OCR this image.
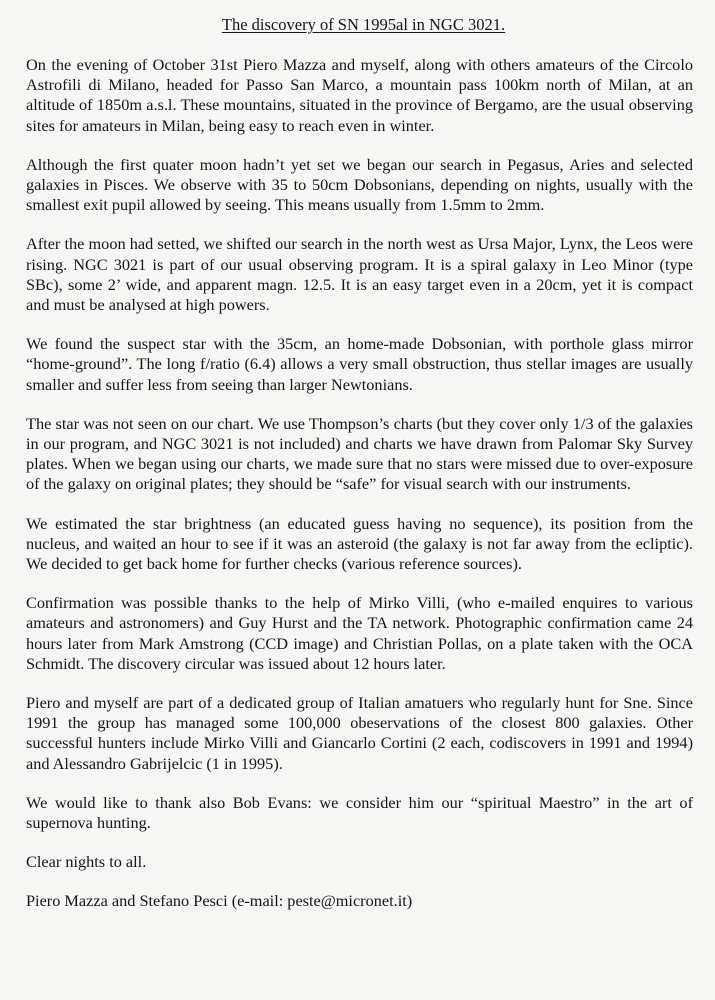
The discovery of SN 1995al in NGC 3021.

On the evening of October 31st Piero Mazza and myself, along with others amateurs of the Circolo Astrofili di Milano, headed for Passo San Marco, a mountain pass 100km north of Milan, at an altitude of 1850m a.s.l. These mountains, situated in the province of Bergamo, are the usual observing sites for amateurs in Milan, being easy to reach even in winter.

Although the first quater moon hadn’t yet set we began our search in Pegasus, Aries and selected galaxies in Pisces. We observe with 35 to 50cm Dobsonians, depending on nights, usually with the smallest exit pupil allowed by seeing. This means usually from 1.5mm to 2mm.

After the moon had setted, we shifted our search in the north west as Ursa Major, Lynx, the Leos were rising. NGC 3021 is part of our usual observing program. It is a spiral galaxy in Leo Minor (type SBc), some 2’ wide, and apparent magn. 12.5. It is an easy target even in a 20cm, yet it is compact and must be analysed at high powers.

We found the suspect star with the 35cm, an home-made Dobsonian, with porthole glass mirror “home-ground”. The long f/ratio (6.4) allows a very small obstruction, thus stellar images are usually smaller and suffer less from seeing than larger Newtonians.

The star was not seen on our chart. We use Thompson’s charts (but they cover only 1/3 of the galaxies in our program, and NGC 3021 is not included) and charts we have drawn from Palomar Sky Survey plates. When we began using our charts, we made sure that no stars were missed due to over-exposure of the galaxy on original plates; they should be “safe” for visual search with our instruments.

We estimated the star brightness (an educated guess having no sequence), its position from the nucleus, and waited an hour to see if it was an asteroid (the galaxy is not far away from the ecliptic). We decided to get back home for further checks (various reference sources).

Confirmation was possible thanks to the help of Mirko Villi, (who e-mailed enquires to various amateurs and astronomers) and Guy Hurst and the TA network. Photographic confirmation came 24 hours later from Mark Amstrong (CCD image) and Christian Pollas, on a plate taken with the OCA Schmidt. The discovery circular was issued about 12 hours later.

Piero and myself are part of a dedicated group of Italian amatuers who regularly hunt for Sne. Since 1991 the group has managed some 100,000 obeservations of the closest 800 galaxies. Other successful hunters include Mirko Villi and Giancarlo Cortini (2 each, codiscovers in 1991 and 1994) and Alessandro Gabrijelcic (1 in 1995).

We would like to thank also Bob Evans: we consider him our “spiritual Maestro” in the art of supernova hunting.

Clear nights to all.

Piero Mazza and Stefano Pesci (e-mail: peste@micronet.it)
